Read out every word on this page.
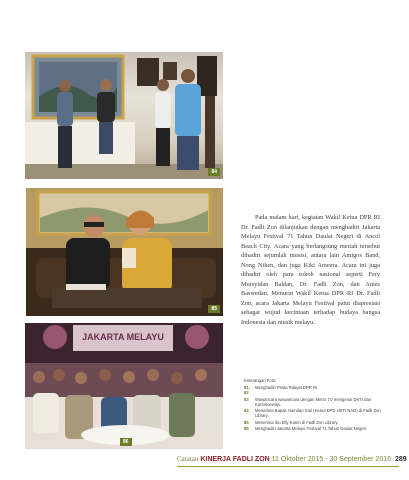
84
85
JAKARTA MELAYU
86

Pada malam hari, kegiatan Wakil Ketua DPR RI Dr. Fadli Zon dilanjutkan dengan menghadiri Jakarta Melayu Festival 71 Tahun Daulat Negeri di Ancol Beach City. Acara yang berlangsung meriah tersebut dihadiri sejumlah musisi, antara lain Amigos Band, Nong Niken, dan juga Kiki Ameera. Acara ini juga dihadiri oleh para tokoh nasional seperti Fery Mursyidan Baldan, Dr. Fadli Zon, dan Anies Baswedan. Menurut Wakil Ketua DPR RI Dr. Fadli Zon, acara Jakarta Melayu Festival patut diapresiasi sebagai wujud kecintaan terhadap budaya bangsa Indonesia dan musik melayu.

Keterangan Foto:
81, 82
Menghadiri Pesta Rakyat DPR RI.
83	Wawancara wawancara dengan Metro TV mengenai DKTI dan Kartosoewirjo.
84	Menerima Bapak Hamdan Sati (Ketua DPD HKTI NAD) di Fadli Zon Library.
85	Menerima Ibu Elly Karim di Fadli Zon Library.
86	Menghadiri Jakarta Melayu Festival 71 Tahun Daulat Negeri.
Catatan KINERJA FADLI ZON 11 Oktober 2015 - 30 September 2016 289
